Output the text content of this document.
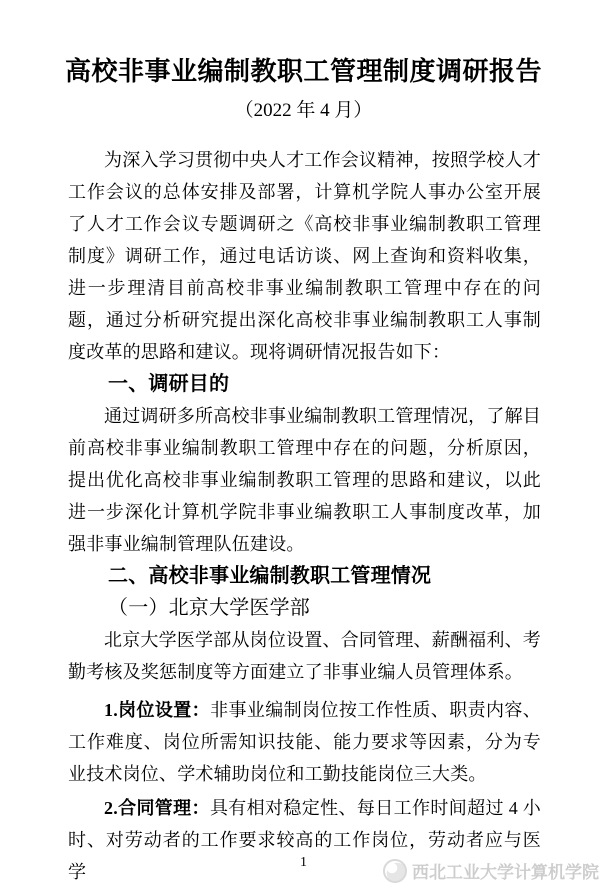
高校非事业编制教职工管理制度调研报告

（2022 年 4 月）

为深入学习贯彻中央人才工作会议精神，按照学校人才工作会议的总体安排及部署，计算机学院人事办公室开展了人才工作会议专题调研之《高校非事业编制教职工管理制度》调研工作，通过电话访谈、网上查询和资料收集，进一步理清目前高校非事业编制教职工管理中存在的问题，通过分析研究提出深化高校非事业编制教职工人事制度改革的思路和建议。现将调研情况报告如下：

一、调研目的

通过调研多所高校非事业编制教职工管理情况，了解目前高校非事业编制教职工管理中存在的问题，分析原因，提出优化高校非事业编制教职工管理的思路和建议，以此进一步深化计算机学院非事业编教职工人事制度改革，加强非事业编制管理队伍建设。

二、高校非事业编制教职工管理情况
（一）北京大学医学部

北京大学医学部从岗位设置、合同管理、薪酬福利、考勤考核及奖惩制度等方面建立了非事业编人员管理体系。

1.岗位设置：非事业编制岗位按工作性质、职责内容、工作难度、岗位所需知识技能、能力要求等因素，分为专业技术岗位、学术辅助岗位和工勤技能岗位三大类。

2.合同管理：具有相对稳定性、每日工作时间超过 4 小时、对劳动者的工作要求较高的工作岗位，劳动者应与医学	1
西北工业大学计算机学院
